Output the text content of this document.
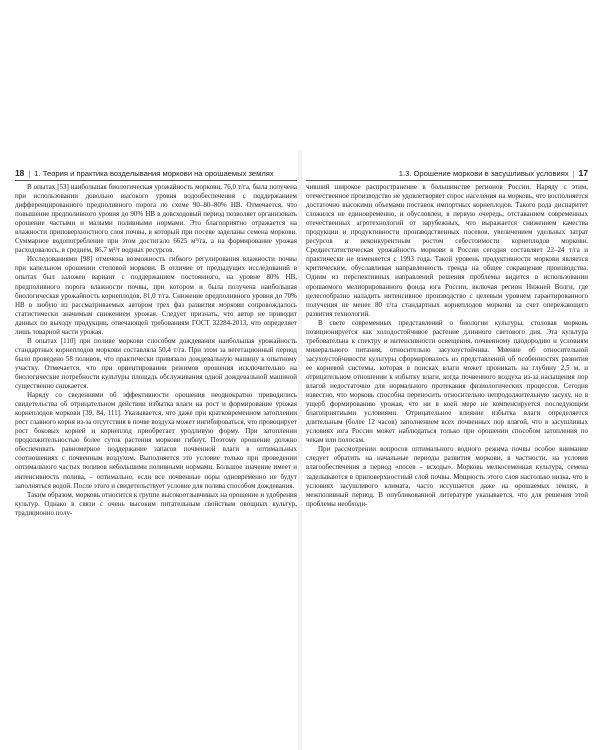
18 | 1. Теория и практика возделывания моркови на орошаемых землях	1.3. Орошение моркови в засушливых условиях | 17

В опытах [53] наибольшая биологическая урожайность моркови, 76,0 т/га, была получена при использовании довольно высокого уровня водообеспечения с поддержанием дифференцированного предполивного порога по схеме 90–80–80% НВ. Отмечается, что повышение предполивного уровня до 90% НВ в довсходовый период позволяет организовать орошение частыми и малыми поливными нормами. Это благоприятно отражается на влажности приповерхностного слоя почвы, в который при посеве заделаны семена моркови. Суммарное водопотребление при этом достигало 6625 м³/га, а на формирование урожая расходовалось, в среднем, 86,7 м³/т водных ресурсов.

Исследованиями [98] отмечена возможность гибкого регулирования влажности почвы при капельном орошении столовой моркови. В отличие от предыдущих исследований в опытах был заложен вариант с поддержанием постоянного, на уровне 80% НВ, предполивного порога влажности почвы, при котором и была получена наибольшая биологическая урожайность корнеплодов, 81,0 т/га. Снижение предполивного уровня до 70% НВ в любую из рассматриваемых автором трех фаз развития моркови сопровождалось статистически значимым снижением урожая. Следует признать, что автор не приводит данных по выходу продукции, отвечающей требованиям ГОСТ 32284-2013, что определяет лишь товарной части урожая.

В опытах [110] при поливе моркови способом дождевания наибольшая урожайность стандартных корнеплодов моркови составляла 50,4 т/га. При этом за вегетационный период было проведено 58 поливов, что практически привязало дождевальную машину к опытному участку. Отмечается, что при ориентировании режимов орошения исключительно на биологические потребности культуры площадь обслуживания одной дождевальной машиной существенно снижается.

Наряду со сведениями об эффективности орошения неоднократно приводились свидетельства об отрицательном действии избытка влаги на рост и формирование урожая корнеплодов моркови [39, 84, 111]. Указывается, что даже при кратковременном затоплении рост главного корня из-за отсутствия в почве воздуха может ингибироваться, что провоцирует рост боковых корней и корнеплод приобретает уродливую форму. При затоплении продолжительностью более суток растения моркови гибнут. Поэтому орошение должно обеспечивать равномерное поддержание запасов почвенной влаги в оптимальных соотношениях с почвенным воздухом. Выполняется это условие только при проведении оптимального частых поливов небольшими поливными нормами. Большое значение имеет и интенсивность полива, – оптимально, если все почвенные поры одновременно не будут заполняться водой. После этого и свидетельствует условие для полива способом дождевания.

Таким образом, морковь относится к группе высокоотзывчивых на орошение и удобрения культур. Однако в связи с очень высоким питательным свойствам овощных культур, традиционно полу-

чивший широкое распространение в большинстве регионов России. Наряду с этим, отечественное производство не удовлетворяет спрос населения на морковь, что восполняется достаточно высокими объемами поставок импортных корнеплодов. Такого рода диспаритет сложился не единовременно, и обусловлен, в первую очередь, отставанием современных отечественных агротехнологий от зарубежных, что выражается снижением качества продукции и продуктивности производственных посевов, увеличением удельных затрат ресурсов и неконкурентным ростом себестоимости корнеплодов моркови. Среднестатистическая урожайность моркови в России сегодня составляет 22–24 т/га и практически не изменяется с 1993 года. Такой уровень продуктивности моркови является критическим, обуславливая направленность тренда на общее сокращение производства. Одним из перспективных направлений решения проблемы видится в использовании орошаемого мелиорированного фонда юга России, включая регион Нижней Волги, где целесообразно наладить интенсивное производство с целевым уровнем гарантированного получения не менее 80 т/га стандартных корнеплодов моркови за счет опережающего развития технологий.

В свете современных представлений о биологии культуры, столовая морковь позиционируется как холодостойчивое растение длинного светового дня. Эта культура требовательна к спектру и интенсивности освещения, почвенному плодородию и условиям минерального питания, относительно засухоустойчива. Мнение об относительной засухоустойчивости культуры сформировалось из представлений об особенностях развития ее корневой системы, которая в поисках влаги может проникать на глубину 2,5 м, и отрицательном отношении к избытку влаги, когда почвенного воздуха из-за насыщения пор влагой недостаточно для нормального протекания физиологических процессов. Сегодня известно, что морковь способна переносить относительно непродолжительную засуху, но в ущерб формированию урожая, что ни в коей мере не компенсируется последующим благоприятными условиями. Отрицательное влияние избытка влаги определяется длительным (более 12 часов) заполнением всех почвенных пор влагой, что в засушливых условиях юга России может наблюдаться только при орошении способом затопления по чекам или полосам.

При рассмотрении вопросов оптимального водного режима почвы особое внимание следует обратить на начальные периоды развития моркови, в частности, на условия влагообеспечения в период «посев – всходы». Морковь мелкосеменная культура, семена заделываются в приповерхностный слой почвы. Мощность этого слоя настолько низка, что в условиях засушливого климата, часто иссушается даже на орошаемых землях, в межполивный период. В опубликованной литературе указывается, что для решения этой проблемы необходи-
